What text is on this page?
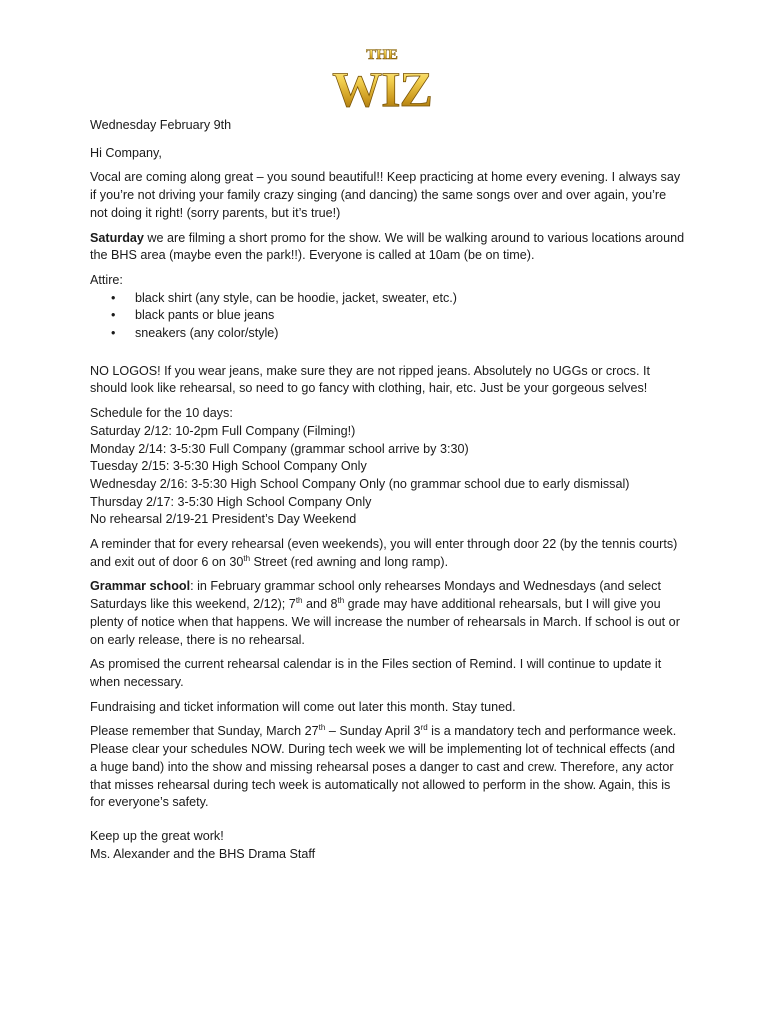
THE
WIZ

Wednesday February 9th

Hi Company,

Vocal are coming along great – you sound beautiful!! Keep practicing at home every evening. I always say if you’re not driving your family crazy singing (and dancing) the same songs over and over again, you’re not doing it right! (sorry parents, but it’s true!)

Saturday we are filming a short promo for the show. We will be walking around to various locations around the BHS area (maybe even the park!!). Everyone is called at 10am (be on time).

Attire:
• black shirt (any style, can be hoodie, jacket, sweater, etc.)
• black pants or blue jeans
• sneakers (any color/style)

NO LOGOS! If you wear jeans, make sure they are not ripped jeans. Absolutely no UGGs or crocs. It should look like rehearsal, so need to go fancy with clothing, hair, etc. Just be your gorgeous selves!

Schedule for the 10 days:
Saturday 2/12: 10-2pm Full Company (Filming!)
Monday 2/14: 3-5:30 Full Company (grammar school arrive by 3:30)
Tuesday 2/15: 3-5:30 High School Company Only
Wednesday 2/16: 3-5:30 High School Company Only (no grammar school due to early dismissal)
Thursday 2/17: 3-5:30 High School Company Only
No rehearsal 2/19-21 President’s Day Weekend

A reminder that for every rehearsal (even weekends), you will enter through door 22 (by the tennis courts) and exit out of door 6 on 30th Street (red awning and long ramp).

Grammar school: in February grammar school only rehearses Mondays and Wednesdays (and select Saturdays like this weekend, 2/12); 7th and 8th grade may have additional rehearsals, but I will give you plenty of notice when that happens. We will increase the number of rehearsals in March. If school is out or on early release, there is no rehearsal.

As promised the current rehearsal calendar is in the Files section of Remind. I will continue to update it when necessary.

Fundraising and ticket information will come out later this month. Stay tuned.

Please remember that Sunday, March 27th – Sunday April 3rd is a mandatory tech and performance week. Please clear your schedules NOW. During tech week we will be implementing lot of technical effects (and a huge band) into the show and missing rehearsal poses a danger to cast and crew. Therefore, any actor that misses rehearsal during tech week is automatically not allowed to perform in the show. Again, this is for everyone’s safety.

Keep up the great work!
Ms. Alexander and the BHS Drama Staff
